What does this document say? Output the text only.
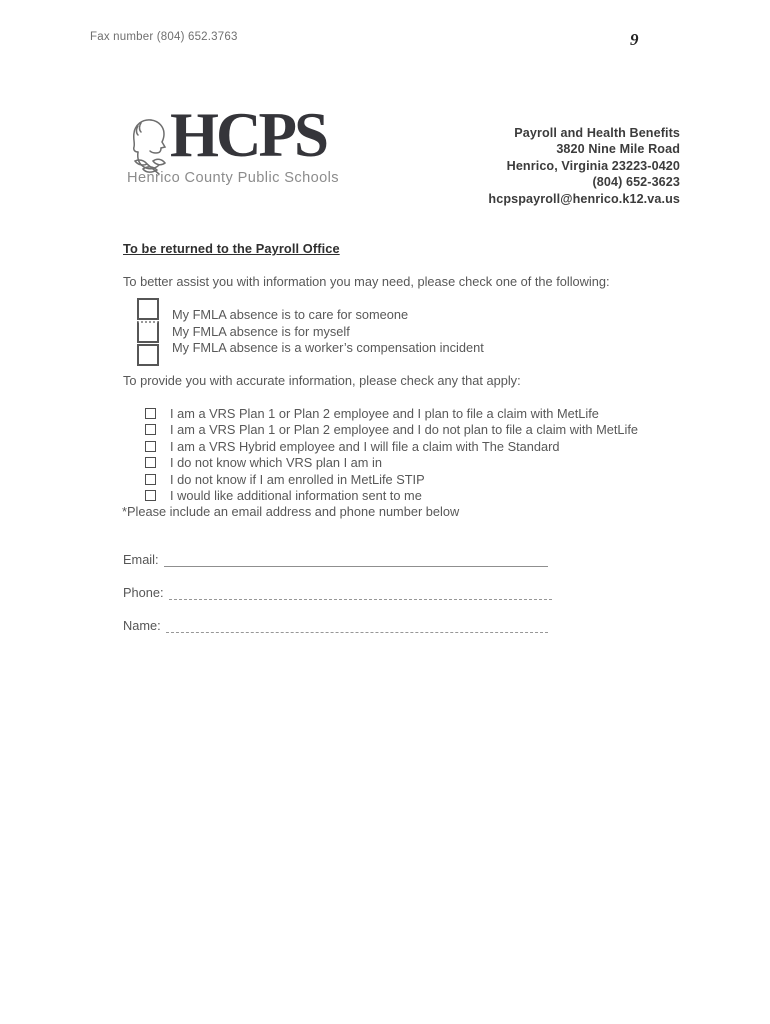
Fax number (804) 652.3763	9
HCPS
Henrico County Public Schools
Payroll and Health Benefits
3820 Nine Mile Road
Henrico, Virginia 23223-0420
(804) 652-3623
hcpspayroll@henrico.k12.va.us
To be returned to the Payroll Office
To better assist you with information you may need, please check one of the following:
My FMLA absence is to care for someone
My FMLA absence is for myself
My FMLA absence is a worker’s compensation incident
To provide you with accurate information, please check any that apply:
I am a VRS Plan 1 or Plan 2 employee and I plan to file a claim with MetLife
I am a VRS Plan 1 or Plan 2 employee and I do not plan to file a claim with MetLife
I am a VRS Hybrid employee and I will file a claim with The Standard
I do not know which VRS plan I am in
I do not know if I am enrolled in MetLife STIP
I would like additional information sent to me
*Please include an email address and phone number below
Email:
Phone:
Name:
